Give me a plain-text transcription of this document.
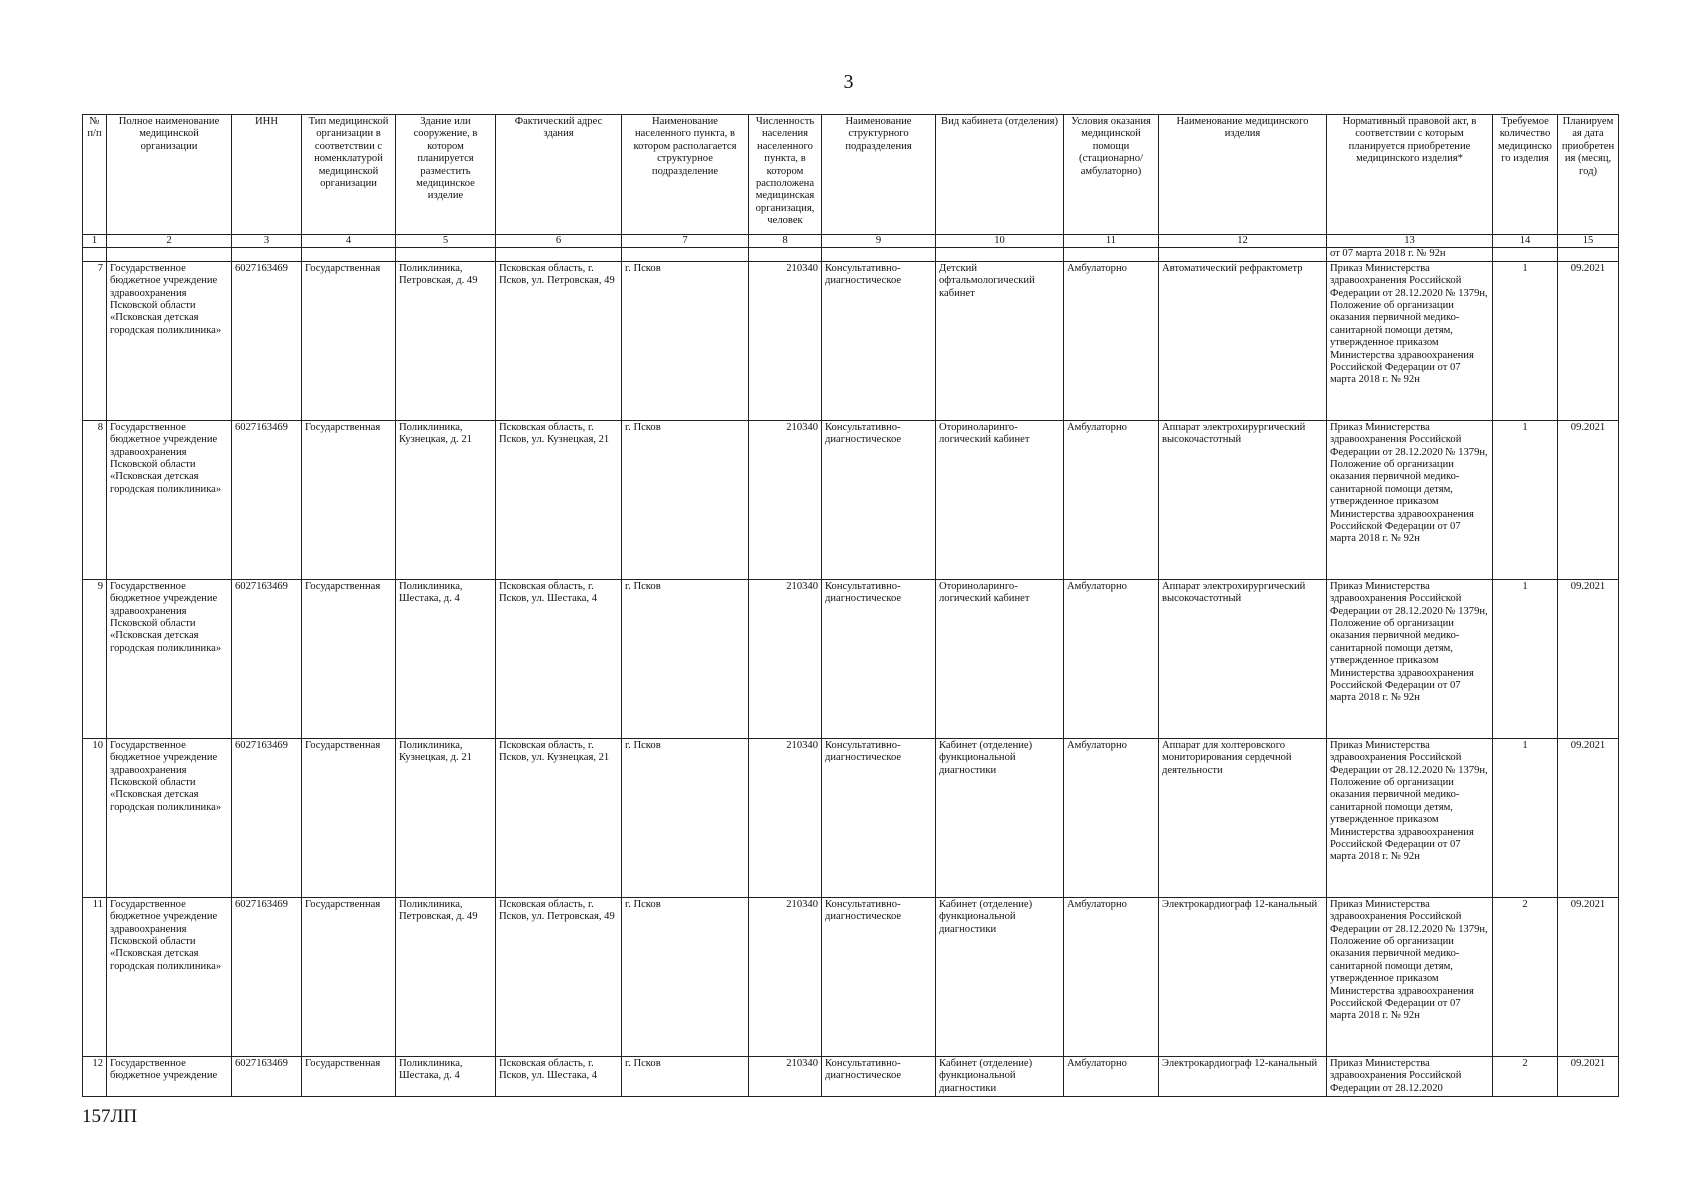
3
№ п/п	Полное наименование медицинской организации	ИНН	Тип медицинской организации в соответствии с номенклатурой медицинской организации	Здание или сооружение, в котором планируется разместить медицинское изделие	Фактический адрес здания	Наименование населенного пункта, в котором располагается структурное подразделение	Численность населения населенного пункта, в котором расположена медицинская организация, человек	Наименование структурного подразделения	Вид кабинета (отделения)	Условия оказания медицинской помощи (стационарно/ амбулаторно)	Наименование медицинского изделия	Нормативный правовой акт, в соответствии с которым планируется приобретение медицинского изделия*	Требуемое количество медицинского изделия	Планируемая дата приобретения (месяц, год)
1	2	3	4	5	6	7	8	9	10	11	12	13	14	15
												от 07 марта 2018 г. № 92н		
7	Государственное бюджетное учреждение здравоохранения Псковской области «Псковская детская городская поликлиника»	6027163469	Государственная	Поликлиника, Петровская, д. 49	Псковская область, г. Псков, ул. Петровская, 49	г. Псков	210340	Консультативно-диагностическое	Детский офтальмологический кабинет	Амбулаторно	Автоматический рефрактометр	Приказ Министерства здравоохранения Российской Федерации от 28.12.2020 № 1379н, Положение об организации оказания первичной медико-санитарной помощи детям, утвержденное приказом Министерства здравоохранения Российской Федерации от 07 марта 2018 г. № 92н	1	09.2021
8	Государственное бюджетное учреждение здравоохранения Псковской области «Псковская детская городская поликлиника»	6027163469	Государственная	Поликлиника, Кузнецкая, д. 21	Псковская область, г. Псков, ул. Кузнецкая, 21	г. Псков	210340	Консультативно-диагностическое	Оториноларинго-логический кабинет	Амбулаторно	Аппарат электрохирургический высокочастотный	Приказ Министерства здравоохранения Российской Федерации от 28.12.2020 № 1379н, Положение об организации оказания первичной медико-санитарной помощи детям, утвержденное приказом Министерства здравоохранения Российской Федерации от 07 марта 2018 г. № 92н	1	09.2021
9	Государственное бюджетное учреждение здравоохранения Псковской области «Псковская детская городская поликлиника»	6027163469	Государственная	Поликлиника, Шестака, д. 4	Псковская область, г. Псков, ул. Шестака, 4	г. Псков	210340	Консультативно-диагностическое	Оториноларинго-логический кабинет	Амбулаторно	Аппарат электрохирургический высокочастотный	Приказ Министерства здравоохранения Российской Федерации от 28.12.2020 № 1379н, Положение об организации оказания первичной медико-санитарной помощи детям, утвержденное приказом Министерства здравоохранения Российской Федерации от 07 марта 2018 г. № 92н	1	09.2021
10	Государственное бюджетное учреждение здравоохранения Псковской области «Псковская детская городская поликлиника»	6027163469	Государственная	Поликлиника, Кузнецкая, д. 21	Псковская область, г. Псков, ул. Кузнецкая, 21	г. Псков	210340	Консультативно-диагностическое	Кабинет (отделение) функциональной диагностики	Амбулаторно	Аппарат для холтеровского мониторирования сердечной деятельности	Приказ Министерства здравоохранения Российской Федерации от 28.12.2020 № 1379н, Положение об организации оказания первичной медико-санитарной помощи детям, утвержденное приказом Министерства здравоохранения Российской Федерации от 07 марта 2018 г. № 92н	1	09.2021
11	Государственное бюджетное учреждение здравоохранения Псковской области «Псковская детская городская поликлиника»	6027163469	Государственная	Поликлиника, Петровская, д. 49	Псковская область, г. Псков, ул. Петровская, 49	г. Псков	210340	Консультативно-диагностическое	Кабинет (отделение) функциональной диагностики	Амбулаторно	Электрокардиограф 12-канальный	Приказ Министерства здравоохранения Российской Федерации от 28.12.2020 № 1379н, Положение об организации оказания первичной медико-санитарной помощи детям, утвержденное приказом Министерства здравоохранения Российской Федерации от 07 марта 2018 г. № 92н	2	09.2021
12	Государственное бюджетное учреждение	6027163469	Государственная	Поликлиника, Шестака, д. 4	Псковская область, г. Псков, ул. Шестака, 4	г. Псков	210340	Консультативно-диагностическое	Кабинет (отделение) функциональной диагностики	Амбулаторно	Электрокардиограф 12-канальный	Приказ Министерства здравоохранения Российской Федерации от 28.12.2020	2	09.2021
157ЛП
